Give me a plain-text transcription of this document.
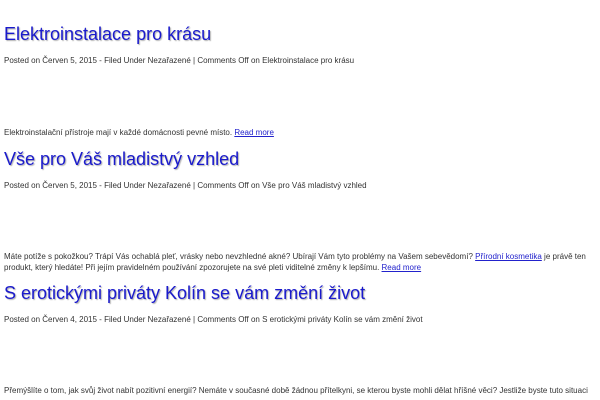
Elektroinstalace pro krásu

Posted on Červen 5, 2015 - Filed Under Nezařazené | Comments Off on Elektroinstalace pro krásu

Elektroinstalační přístroje mají v každé domácnosti pevné místo. Read more

Vše pro Váš mladistvý vzhled

Posted on Červen 5, 2015 - Filed Under Nezařazené | Comments Off on Vše pro Váš mladistvý vzhled

Máte potíže s pokožkou? Trápí Vás ochablá pleť, vrásky nebo nevzhledné akné? Ubírají Vám tyto problémy na Vašem sebevědomí? Přírodní kosmetika je právě ten produkt, který hledáte! Při jejím pravidelném používání zpozorujete na své pleti viditelné změny k lepšímu. Read more

S erotickými priváty Kolín se vám změní život

Posted on Červen 4, 2015 - Filed Under Nezařazené | Comments Off on S erotickými priváty Kolín se vám změní život

Přemýšlíte o tom, jak svůj život nabít pozitivní energií? Nemáte v současné době žádnou přítelkyni, se kterou byste mohli dělat hříšné věci? Jestliže byste tuto situaci
